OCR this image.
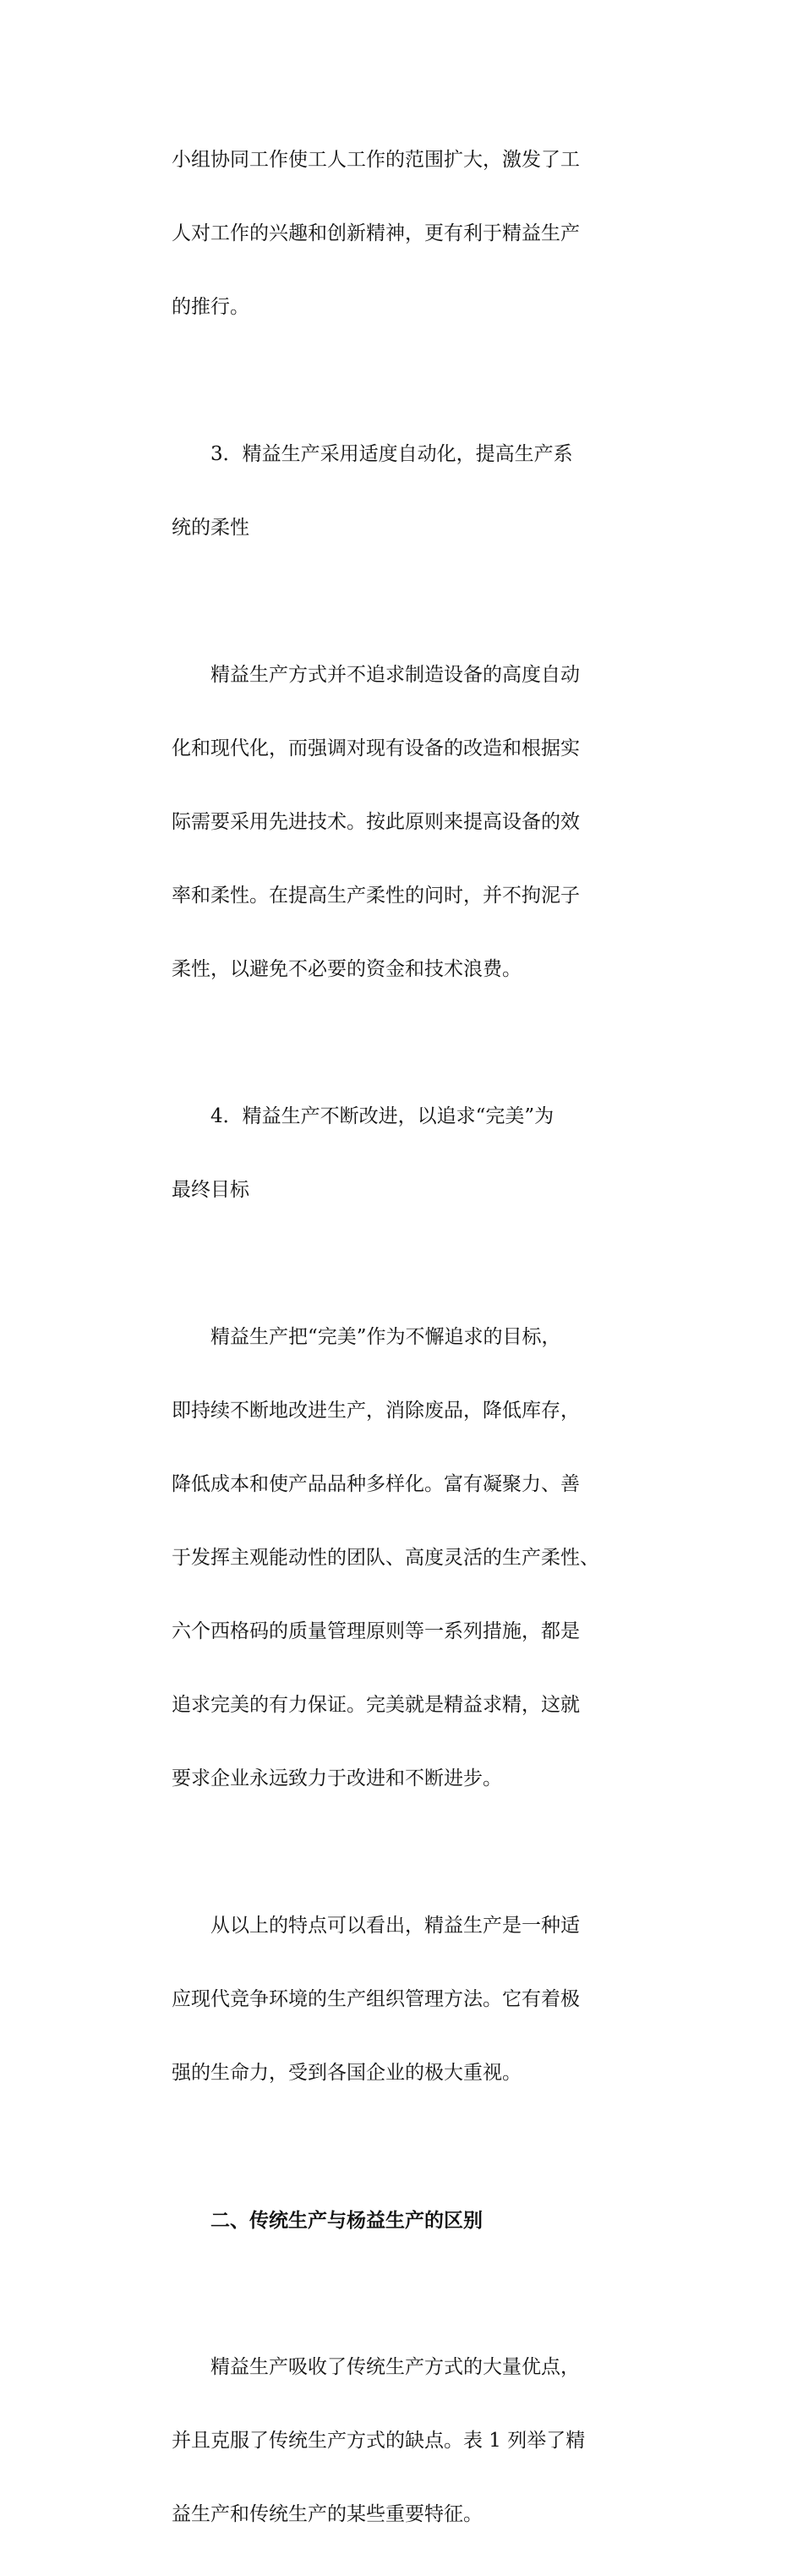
小组协同工作使工人工作的范围扩大，激发了工

人对工作的兴趣和创新精神，更有利于精益生产

的推行。

　　3．精益生产采用适度自动化，提高生产系

统的柔性

　　精益生产方式并不追求制造设备的高度自动

化和现代化，而强调对现有设备的改造和根据实

际需要采用先进技术。按此原则来提高设备的效

率和柔性。在提高生产柔性的问时，并不拘泥子

柔性，以避免不必要的资金和技术浪费。

　　4．精益生产不断改进，以追求“完美”为

最终目标

　　精益生产把“完美”作为不懈追求的目标，

即持续不断地改进生产，消除废品，降低库存，

降低成本和使产品品种多样化。富有凝聚力、善

于发挥主观能动性的团队、高度灵活的生产柔性、

六个西格码的质量管理原则等一系列措施，都是

追求完美的有力保证。完美就是精益求精，这就

要求企业永远致力于改进和不断进步。

　　从以上的特点可以看出，精益生产是一种适

应现代竞争环境的生产组织管理方法。它有着极

强的生命力，受到各国企业的极大重视。

　　二、传统生产与杨益生产的区别

　　精益生产吸收了传统生产方式的大量优点，

并且克服了传统生产方式的缺点。表 1 列举了精

益生产和传统生产的某些重要特征。
